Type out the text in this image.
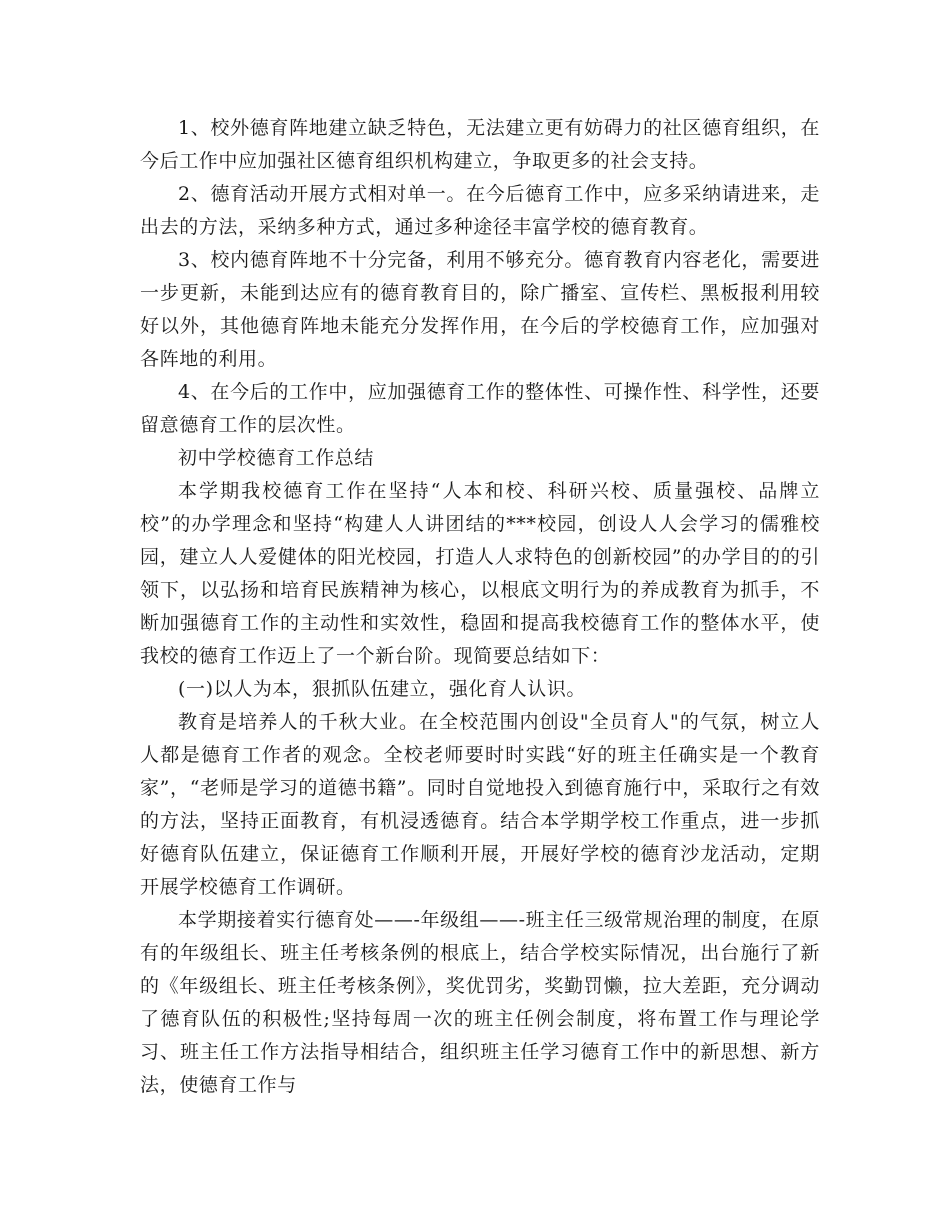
1、校外德育阵地建立缺乏特色，无法建立更有妨碍力的社区德育组织，在今后工作中应加强社区德育组织机构建立，争取更多的社会支持。

2、德育活动开展方式相对单一。在今后德育工作中，应多采纳请进来，走出去的方法，采纳多种方式，通过多种途径丰富学校的德育教育。

3、校内德育阵地不十分完备，利用不够充分。德育教育内容老化，需要进一步更新，未能到达应有的德育教育目的，除广播室、宣传栏、黑板报利用较好以外，其他德育阵地未能充分发挥作用，在今后的学校德育工作，应加强对各阵地的利用。

4、在今后的工作中，应加强德育工作的整体性、可操作性、科学性，还要留意德育工作的层次性。

初中学校德育工作总结

本学期我校德育工作在坚持“人本和校、科研兴校、质量强校、品牌立校”的办学理念和坚持“构建人人讲团结的***校园，创设人人会学习的儒雅校园，建立人人爱健体的阳光校园，打造人人求特色的创新校园”的办学目的的引领下，以弘扬和培育民族精神为核心，以根底文明行为的养成教育为抓手，不断加强德育工作的主动性和实效性，稳固和提高我校德育工作的整体水平，使我校的德育工作迈上了一个新台阶。现简要总结如下：

(一)以人为本，狠抓队伍建立，强化育人认识。

教育是培养人的千秋大业。在全校范围内创设"全员育人"的气氛，树立人人都是德育工作者的观念。全校老师要时时实践“好的班主任确实是一个教育家”，“老师是学习的道德书籍”。同时自觉地投入到德育施行中，采取行之有效的方法，坚持正面教育，有机浸透德育。结合本学期学校工作重点，进一步抓好德育队伍建立，保证德育工作顺利开展，开展好学校的德育沙龙活动，定期开展学校德育工作调研。

本学期接着实行德育处——-年级组——-班主任三级常规治理的制度，在原有的年级组长、班主任考核条例的根底上，结合学校实际情况，出台施行了新的《年级组长、班主任考核条例》，奖优罚劣，奖勤罚懒，拉大差距，充分调动了德育队伍的积极性;坚持每周一次的班主任例会制度，将布置工作与理论学习、班主任工作方法指导相结合，组织班主任学习德育工作中的新思想、新方法，使德育工作与
